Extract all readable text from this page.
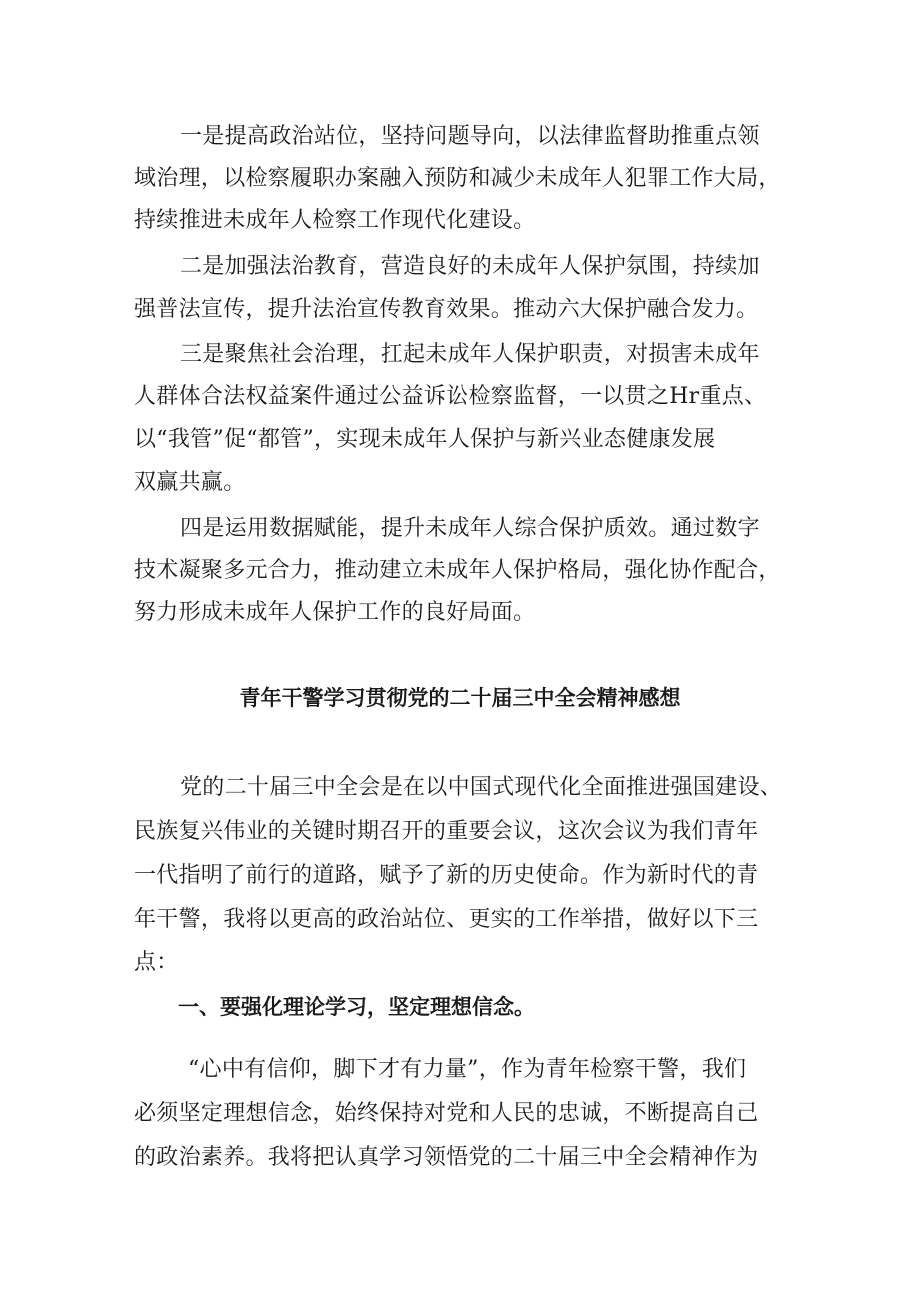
一是提高政治站位，坚持问题导向，以法律监督助推重点领
域治理，以检察履职办案融入预防和减少未成年人犯罪工作大局，
持续推进未成年人检察工作现代化建设。
二是加强法治教育，营造良好的未成年人保护氛围，持续加
强普法宣传，提升法治宣传教育效果。推动六大保护融合发力。
三是聚焦社会治理，扛起未成年人保护职责，对损害未成年
人群体合法权益案件通过公益诉讼检察监督，一以贯之Hr重点、
以“我管”促“都管”，实现未成年人保护与新兴业态健康发展
双赢共赢。
四是运用数据赋能，提升未成年人综合保护质效。通过数字
技术凝聚多元合力，推动建立未成年人保护格局，强化协作配合，
努力形成未成年人保护工作的良好局面。
青年干警学习贯彻党的二十届三中全会精神感想
党的二十届三中全会是在以中国式现代化全面推进强国建设、
民族复兴伟业的关键时期召开的重要会议，这次会议为我们青年
一代指明了前行的道路，赋予了新的历史使命。作为新时代的青
年干警，我将以更高的政治站位、更实的工作举措，做好以下三
点：
一、要强化理论学习，坚定理想信念。
“心中有信仰，脚下才有力量”，作为青年检察干警，我们
必须坚定理想信念，始终保持对党和人民的忠诚，不断提高自己
的政治素养。我将把认真学习领悟党的二十届三中全会精神作为
